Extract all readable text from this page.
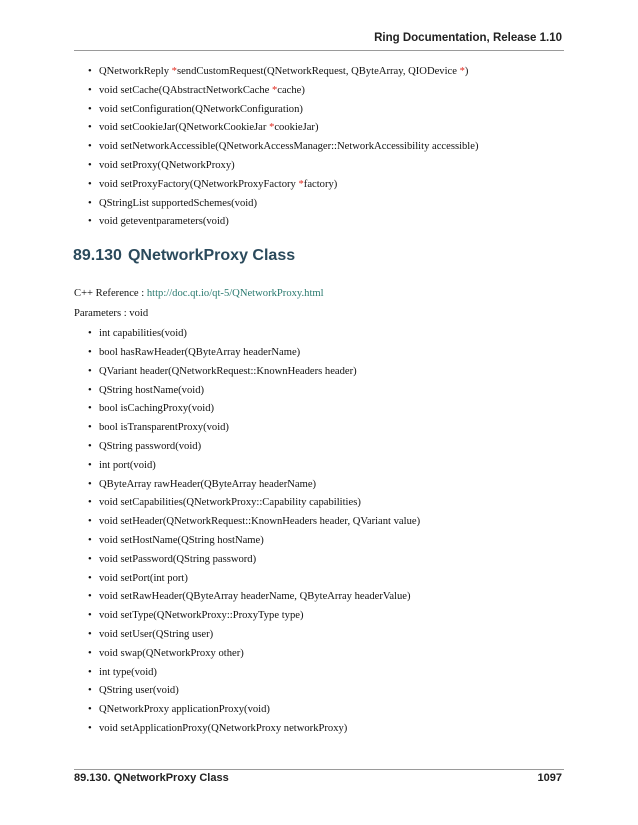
Ring Documentation, Release 1.10
• QNetworkReply *sendCustomRequest(QNetworkRequest, QByteArray, QIODevice *)
• void setCache(QAbstractNetworkCache *cache)
• void setConfiguration(QNetworkConfiguration)
• void setCookieJar(QNetworkCookieJar *cookieJar)
• void setNetworkAccessible(QNetworkAccessManager::NetworkAccessibility accessible)
• void setProxy(QNetworkProxy)
• void setProxyFactory(QNetworkProxyFactory *factory)
• QStringList supportedSchemes(void)
• void geteventparameters(void)
89.130 QNetworkProxy Class
C++ Reference : http://doc.qt.io/qt-5/QNetworkProxy.html
Parameters : void
• int capabilities(void)
• bool hasRawHeader(QByteArray headerName)
• QVariant header(QNetworkRequest::KnownHeaders header)
• QString hostName(void)
• bool isCachingProxy(void)
• bool isTransparentProxy(void)
• QString password(void)
• int port(void)
• QByteArray rawHeader(QByteArray headerName)
• void setCapabilities(QNetworkProxy::Capability capabilities)
• void setHeader(QNetworkRequest::KnownHeaders header, QVariant value)
• void setHostName(QString hostName)
• void setPassword(QString password)
• void setPort(int port)
• void setRawHeader(QByteArray headerName, QByteArray headerValue)
• void setType(QNetworkProxy::ProxyType type)
• void setUser(QString user)
• void swap(QNetworkProxy other)
• int type(void)
• QString user(void)
• QNetworkProxy applicationProxy(void)
• void setApplicationProxy(QNetworkProxy networkProxy)
89.130. QNetworkProxy Class	1097
